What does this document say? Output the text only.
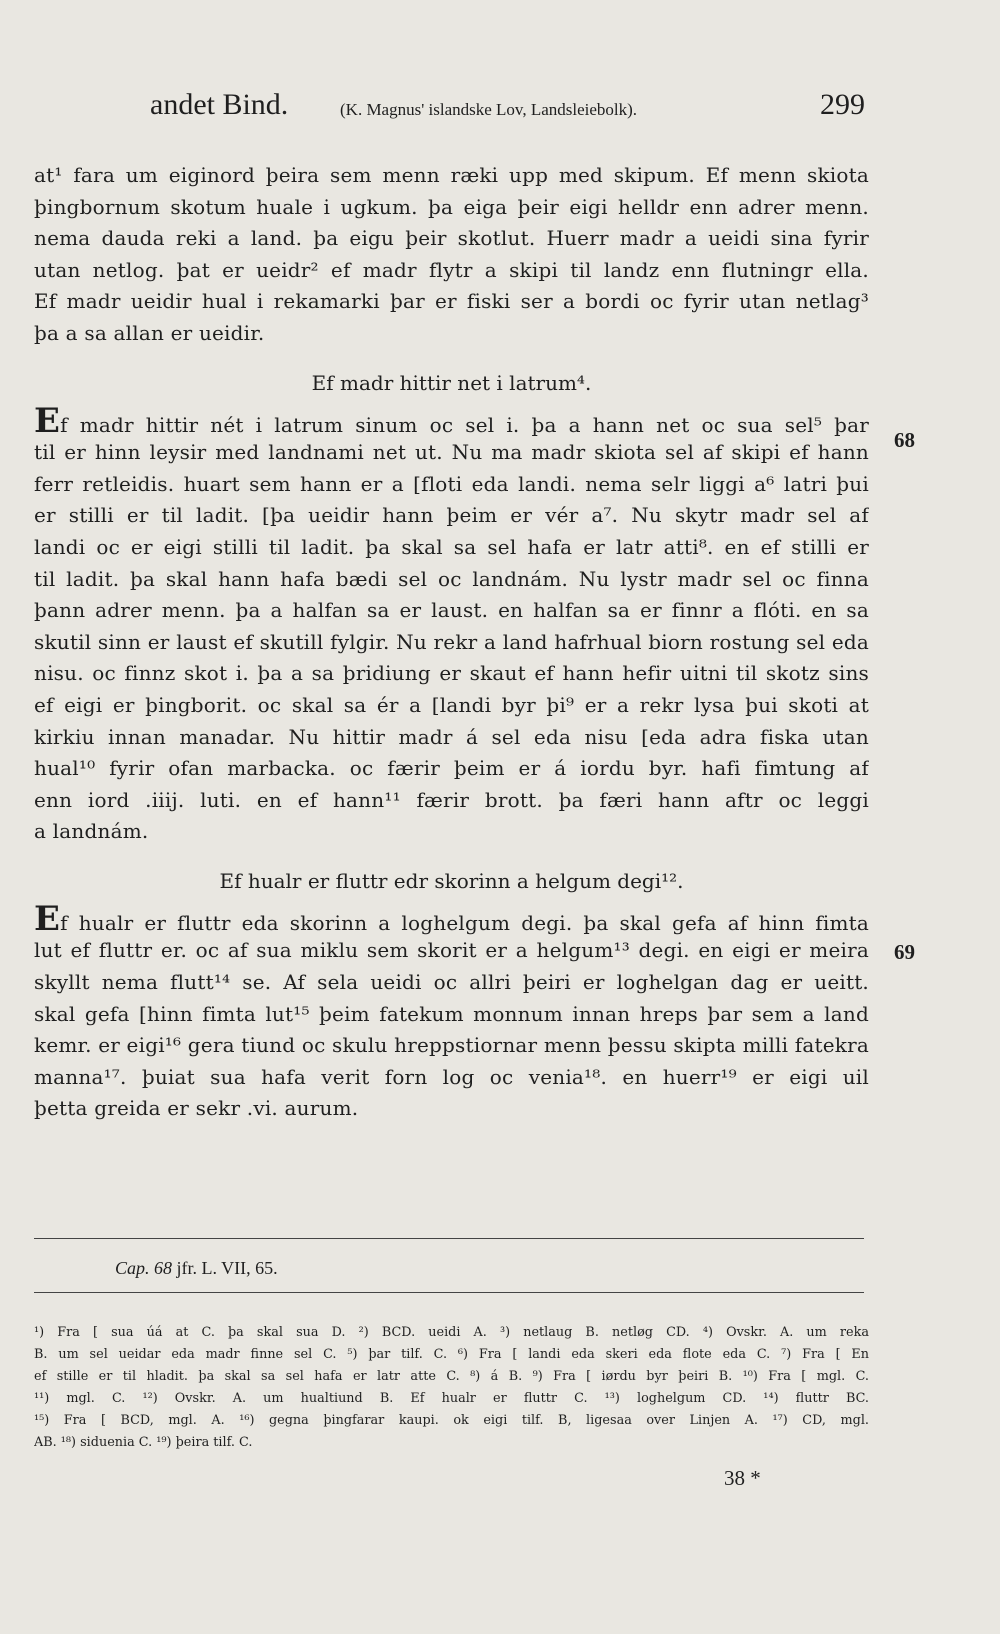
andet Bind.	(K. Magnus' islandske Lov, Landsleiebolk).	299
at¹ fara um eiginord þeira sem menn ræki upp med skipum. Ef menn skiota
þingbornum skotum huale i ugkum. þa eiga þeir eigi helldr enn adrer menn.
nema dauda reki a land. þa eigu þeir skotlut. Huerr madr a ueidi sina fyrir
utan netlog. þat er ueidr² ef madr flytr a skipi til landz enn flutningr ella.
Ef madr ueidir hual i rekamarki þar er fiski ser a bordi oc fyrir utan netlag³
þa a sa allan er ueidir.
Ef madr hittir net i latrum⁴.
Ef madr hittir nét i latrum sinum oc sel i. þa a hann net oc sua sel⁵ þar
til er hinn leysir med landnami net ut. Nu ma madr skiota sel af skipi ef hann
ferr retleidis. huart sem hann er a [floti eda landi. nema selr liggi a⁶ latri þui
er stilli er til ladit. [þa ueidir hann þeim er vér a⁷. Nu skytr madr sel af
landi oc er eigi stilli til ladit. þa skal sa sel hafa er latr atti⁸. en ef stilli er
til ladit. þa skal hann hafa bædi sel oc landnám. Nu lystr madr sel oc finna
þann adrer menn. þa a halfan sa er laust. en halfan sa er finnr a flóti. en sa
skutil sinn er laust ef skutill fylgir. Nu rekr a land hafrhual biorn rostung sel eda
nisu. oc finnz skot i. þa a sa þridiung er skaut ef hann hefir uitni til skotz sins
ef eigi er þingborit. oc skal sa ér a [landi byr þi⁹ er a rekr lysa þui skoti at
kirkiu innan manadar. Nu hittir madr á sel eda nisu [eda adra fiska utan
hual¹⁰ fyrir ofan marbacka. oc færir þeim er á iordu byr. hafi fimtung af
enn iord .iiij. luti. en ef hann¹¹ færir brott. þa færi hann aftr oc leggi
a landnám.
Ef hualr er fluttr edr skorinn a helgum degi¹².
Ef hualr er fluttr eda skorinn a loghelgum degi. þa skal gefa af hinn fimta
lut ef fluttr er. oc af sua miklu sem skorit er a helgum¹³ degi. en eigi er meira
skyllt nema flutt¹⁴ se. Af sela ueidi oc allri þeiri er loghelgan dag er ueitt.
skal gefa [hinn fimta lut¹⁵ þeim fatekum monnum innan hreps þar sem a land
kemr. er eigi¹⁶ gera tiund oc skulu hreppstiornar menn þessu skipta milli fatekra
manna¹⁷. þuiat sua hafa verit forn log oc venia¹⁸. en huerr¹⁹ er eigi uil
þetta greida er sekr .vi. aurum.
68
69
Cap. 68 jfr. L. VII, 65.
¹) Fra [ sua úá at C. þa skal sua D. ²) BCD. ueidi A. ³) netlaug B. netløg CD. ⁴) Ovskr. A. um reka
B. um sel ueidar eda madr finne sel C. ⁵) þar tilf. C. ⁶) Fra [ landi eda skeri eda flote eda C. ⁷) Fra [ En
ef stille er til hladit. þa skal sa sel hafa er latr atte C. ⁸) á B. ⁹) Fra [ iørdu byr þeiri B. ¹⁰) Fra [ mgl. C.
¹¹) mgl. C. ¹²) Ovskr. A. um hualtiund B. Ef hualr er fluttr C. ¹³) loghelgum CD. ¹⁴) fluttr BC.
¹⁵) Fra [ BCD, mgl. A. ¹⁶) gegna þingfarar kaupi. ok eigi tilf. B, ligesaa over Linjen A. ¹⁷) CD, mgl.
AB. ¹⁸) siduenia C. ¹⁹) þeira tilf. C.
38 *
